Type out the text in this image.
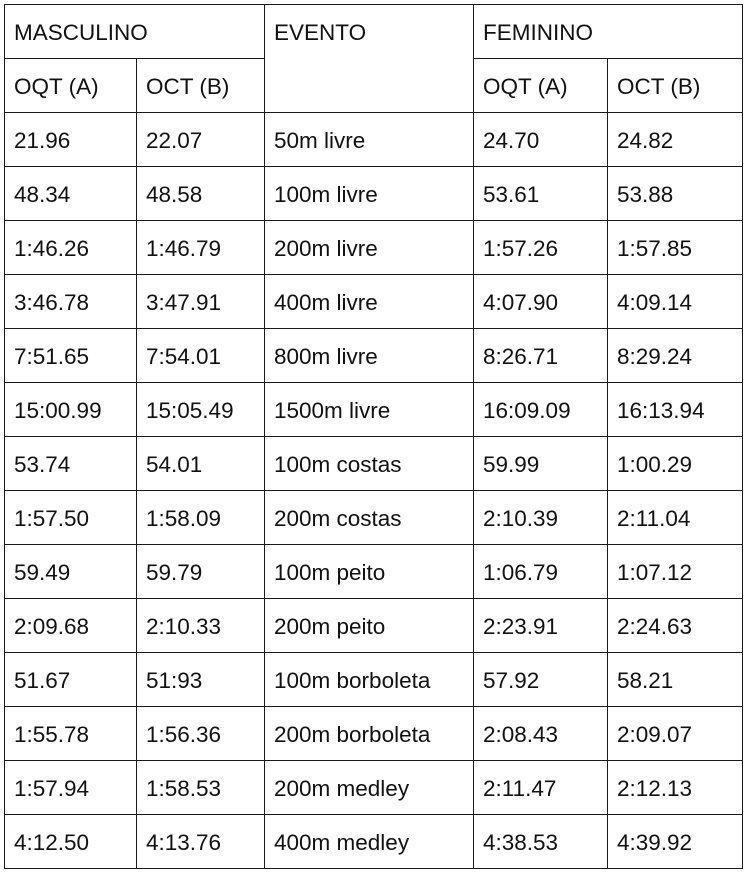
MASCULINO		EVENTO	FEMININO	
OQT (A)	OCT (B)		OQT (A)	OCT (B)
21.96	22.07	50m livre	24.70	24.82
48.34	48.58	100m livre	53.61	53.88
1:46.26	1:46.79	200m livre	1:57.26	1:57.85
3:46.78	3:47.91	400m livre	4:07.90	4:09.14
7:51.65	7:54.01	800m livre	8:26.71	8:29.24
15:00.99	15:05.49	1500m livre	16:09.09	16:13.94
53.74	54.01	100m costas	59.99	1:00.29
1:57.50	1:58.09	200m costas	2:10.39	2:11.04
59.49	59.79	100m peito	1:06.79	1:07.12
2:09.68	2:10.33	200m peito	2:23.91	2:24.63
51.67	51:93	100m borboleta	57.92	58.21
1:55.78	1:56.36	200m borboleta	2:08.43	2:09.07
1:57.94	1:58.53	200m medley	2:11.47	2:12.13
4:12.50	4:13.76	400m medley	4:38.53	4:39.92
